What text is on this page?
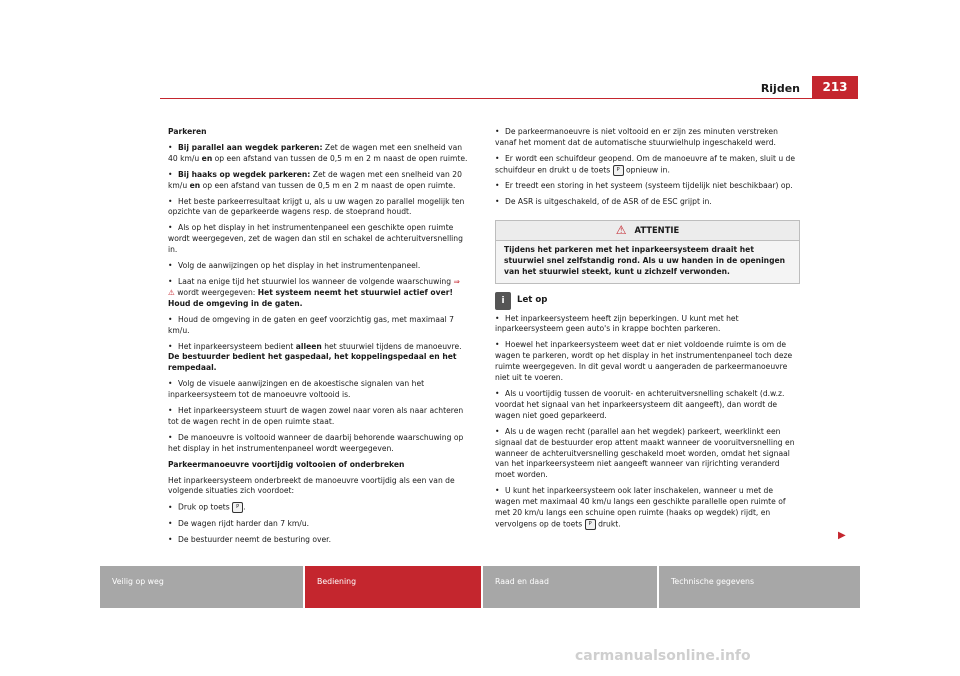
Rijden	213

Parkeren

• Bij parallel aan wegdek parkeren: Zet de wagen met een snelheid van 40 km/u en op een afstand van tussen de 0,5 m en 2 m naast de open ruimte.

• Bij haaks op wegdek parkeren: Zet de wagen met een snelheid van 20 km/u en op een afstand van tussen de 0,5 m en 2 m naast de open ruimte.

• Het beste parkeerresultaat krijgt u, als u uw wagen zo parallel mogelijk ten opzichte van de geparkeerde wagens resp. de stoeprand houdt.

• Als op het display in het instrumentenpaneel een geschikte open ruimte wordt weergegeven, zet de wagen dan stil en schakel de achteruitversnelling in.

• Volg de aanwijzingen op het display in het instrumentenpaneel.

• Laat na enige tijd het stuurwiel los wanneer de volgende waarschuwing ⇒ ⚠ wordt weergegeven: Het systeem neemt het stuurwiel actief over! Houd de omgeving in de gaten.

• Houd de omgeving in de gaten en geef voorzichtig gas, met maximaal 7 km/u.

• Het inparkeersysteem bedient alleen het stuurwiel tijdens de manoeuvre. De bestuurder bedient het gaspedaal, het koppelingspedaal en het rempedaal.

• Volg de visuele aanwijzingen en de akoestische signalen van het inparkeersysteem tot de manoeuvre voltooid is.

• Het inparkeersysteem stuurt de wagen zowel naar voren als naar achteren tot de wagen recht in de open ruimte staat.

• De manoeuvre is voltooid wanneer de daarbij behorende waarschuwing op het display in het instrumentenpaneel wordt weergegeven.

Parkeermanoeuvre voortijdig voltooien of onderbreken

Het inparkeersysteem onderbreekt de manoeuvre voortijdig als een van de volgende situaties zich voordoet:

• Druk op toets P .

• De wagen rijdt harder dan 7 km/u.

• De bestuurder neemt de besturing over.

• De parkeermanoeuvre is niet voltooid en er zijn zes minuten verstreken vanaf het moment dat de automatische stuurwielhulp ingeschakeld werd.

• Er wordt een schuifdeur geopend. Om de manoeuvre af te maken, sluit u de schuifdeur en drukt u de toets P opnieuw in.

• Er treedt een storing in het systeem (systeem tijdelijk niet beschikbaar) op.

• De ASR is uitgeschakeld, of de ASR of de ESC grijpt in.

⚠ ATTENTIE
Tijdens het parkeren met het inparkeersysteem draait het stuurwiel snel zelfstandig rond. Als u uw handen in de openingen van het stuurwiel steekt, kunt u zichzelf verwonden.
i	Let op

• Het inparkeersysteem heeft zijn beperkingen. U kunt met het inparkeersysteem geen auto's in krappe bochten parkeren.

• Hoewel het inparkeersysteem weet dat er niet voldoende ruimte is om de wagen te parkeren, wordt op het display in het instrumentenpaneel toch deze ruimte weergegeven. In dit geval wordt u aangeraden de parkeermanoeuvre niet uit te voeren.

• Als u voortijdig tussen de vooruit- en achteruitversnelling schakelt (d.w.z. voordat het signaal van het inparkeersysteem dit aangeeft), dan wordt de wagen niet goed geparkeerd.

• Als u de wagen recht (parallel aan het wegdek) parkeert, weerklinkt een signaal dat de bestuurder erop attent maakt wanneer de vooruitversnelling en wanneer de achteruitversnelling geschakeld moet worden, omdat het signaal van het inparkeersysteem niet aangeeft wanneer van rijrichting veranderd moet worden.

• U kunt het inparkeersysteem ook later inschakelen, wanneer u met de wagen met maximaal 40 km/u langs een geschikte parallelle open ruimte of met 20 km/u langs een schuine open ruimte (haaks op wegdek) rijdt, en vervolgens op de toets P drukt.

▶
Veilig op weg	Bediening	Raad en daad	Technische gegevens
carmanualsonline.info
